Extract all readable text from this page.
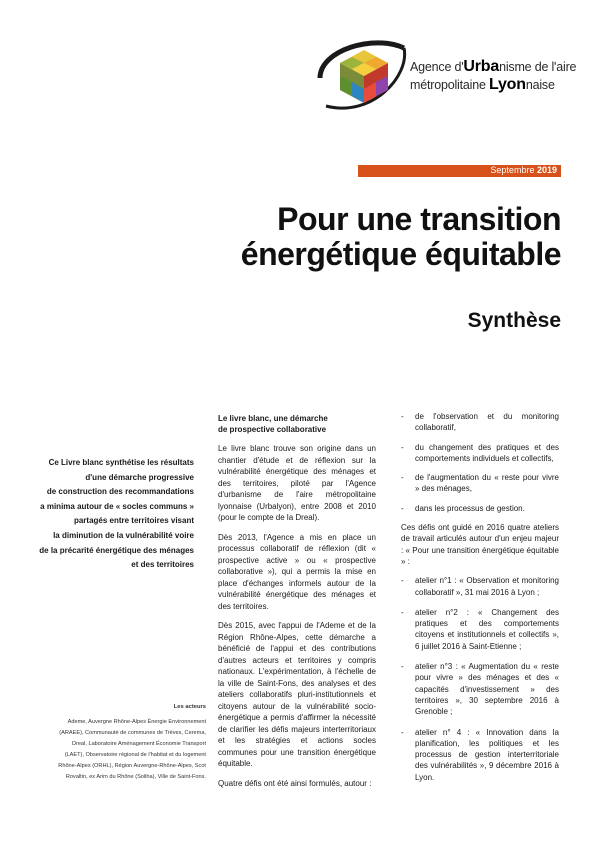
Agence d'Urbanisme de l'aire
métropolitaine Lyonnaise
Septembre 2019
Pour une transition
énergétique équitable
Synthèse
Ce Livre blanc synthétise les résultats
d'une démarche progressive
de construction des recommandations
a minima autour de « socles communs »
partagés entre territoires visant
la diminution de la vulnérabilité voire
de la précarité énergétique des ménages
et des territoires
Les acteurs
Ademe, Auvergne Rhône-Alpes Énergie Environnement
(ARAEE), Communauté de communes de Trèves, Cerema,
Dreal, Laboratoire Aménagement Économie Transport
(LAET), Observatoire régional de l'habitat et du logement
Rhône-Alpes (ORHL), Région Auvergne-Rhône-Alpes, Scot
Rovaltin, ex Arim du Rhône (Soliha), Ville de Saint-Fons.
Le livre blanc, une démarche
de prospective collaborative

Le livre blanc trouve son origine dans un chantier d'étude et de réflexion sur la vulnérabilité énergétique des ménages et des territoires, piloté par l'Agence d'urbanisme de l'aire métropolitaine lyonnaise (Urbalyon), entre 2008 et 2010 (pour le compte de la Dreal).

Dès 2013, l'Agence a mis en place un processus collaboratif de réflexion (dit « prospective active » ou « prospective collaborative »), qui a permis la mise en place d'échanges informels autour de la vulnérabilité énergétique des ménages et des territoires.

Dès 2015, avec l'appui de l'Ademe et de la Région Rhône-Alpes, cette démarche a bénéficié de l'appui et des contributions d'autres acteurs et territoires y compris nationaux. L'expérimentation, à l'échelle de la ville de Saint-Fons, des analyses et des ateliers collaboratifs pluri-institutionnels et citoyens autour de la vulnérabilité socio-énergétique a permis d'affirmer la nécessité de clarifier les défis majeurs interterritoriaux et les stratégies et actions socles communes pour une transition énergétique équitable.

Quatre défis ont été ainsi formulés, autour :

- de l'observation et du monitoring collaboratif,
- du changement des pratiques et des comportements individuels et collectifs,
- de l'augmentation du « reste pour vivre » des ménages,
- dans les processus de gestion.

Ces défis ont guidé en 2016 quatre ateliers de travail articulés autour d'un enjeu majeur : « Pour une transition énergétique équitable » :

- atelier n°1 : « Observation et monitoring collaboratif », 31 mai 2016 à Lyon ;
- atelier n°2 : « Changement des pratiques et des comportements citoyens et institutionnels et collectifs », 6 juillet 2016 à Saint-Etienne ;
- atelier n°3 : « Augmentation du « reste pour vivre » des ménages et des « capacités d'investissement » des territoires », 30 septembre 2016 à Grenoble ;
- atelier n° 4 : « Innovation dans la planification, les politiques et les processus de gestion interterritoriale des vulnérabilités », 9 décembre 2016 à Lyon.
